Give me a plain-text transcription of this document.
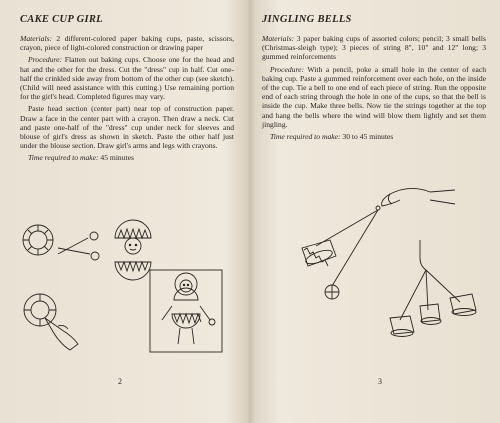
CAKE CUP GIRL

Materials: 2 different-colored paper baking cups, paste, scissors, crayon, piece of light-colored construction or drawing paper

Procedure: Flatten out baking cups. Choose one for the head and hat and the other for the dress. Cut the "dress" cup in half. Cut one-half the crinkled side away from bottom of the other cup (see sketch). (Child will need assistance with this cutting.) Use remaining portion for the girl's head. Completed figures may vary.

Paste head section (center part) near top of construction paper. Draw a face in the center part with a crayon. Then draw a neck. Cut and paste one-half of the "dress" cup under neck for sleeves and blouse of girl's dress as shown in sketch. Paste the other half just under the blouse section. Draw girl's arms and legs with crayons.

Time required to make: 45 minutes

2
JINGLING BELLS

Materials: 3 paper baking cups of assorted colors; pencil; 3 small bells (Christmas-sleigh type); 3 pieces of string 8", 10" and 12" long; 3 gummed reinforcements

Procedure: With a pencil, poke a small hole in the center of each baking cup. Paste a gummed reinforcement over each hole, on the inside of the cup. Tie a bell to one end of each piece of string. Run the opposite end of each string through the hole in one of the cups, so that the bell is inside the cup. Make three bells. Now tie the strings together at the top and hang the bells where the wind will blow them lightly and set them jingling.

Time required to make: 30 to 45 minutes

3
